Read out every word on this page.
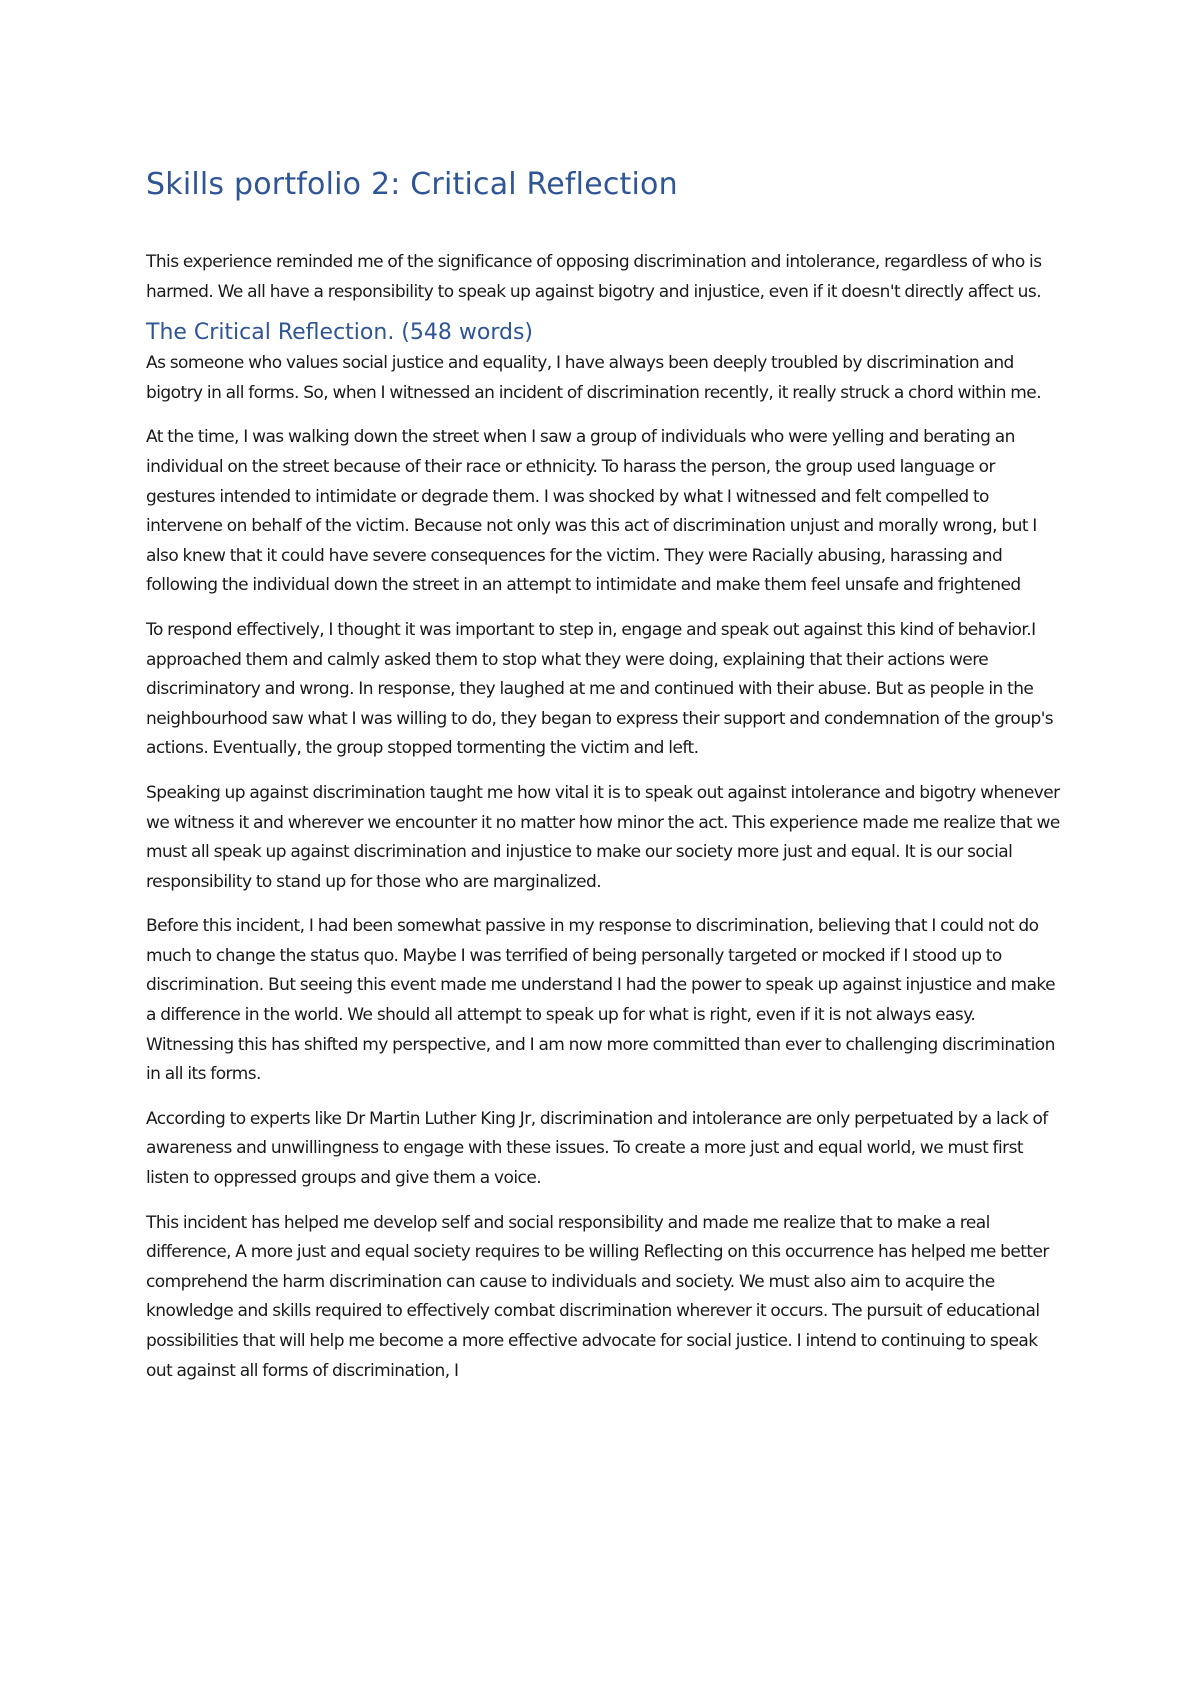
Skills portfolio 2: Critical Reflection

This experience reminded me of the significance of opposing discrimination and intolerance, regardless of who is harmed. We all have a responsibility to speak up against bigotry and injustice, even if it doesn't directly affect us.

The Critical Reflection. (548 words)

As someone who values social justice and equality, I have always been deeply troubled by discrimination and bigotry in all forms. So, when I witnessed an incident of discrimination recently, it really struck a chord within me.

At the time, I was walking down the street when I saw a group of individuals who were yelling and berating an individual on the street because of their race or ethnicity. To harass the person, the group used language or gestures intended to intimidate or degrade them. I was shocked by what I witnessed and felt compelled to intervene on behalf of the victim. Because not only was this act of discrimination unjust and morally wrong, but I also knew that it could have severe consequences for the victim. They were Racially abusing, harassing and following the individual down the street in an attempt to intimidate and make them feel unsafe and frightened

To respond effectively, I thought it was important to step in, engage and speak out against this kind of behavior.I approached them and calmly asked them to stop what they were doing, explaining that their actions were discriminatory and wrong. In response, they laughed at me and continued with their abuse. But as people in the neighbourhood saw what I was willing to do, they began to express their support and condemnation of the group's actions. Eventually, the group stopped tormenting the victim and left.

Speaking up against discrimination taught me how vital it is to speak out against intolerance and bigotry whenever we witness it and wherever we encounter it no matter how minor the act. This experience made me realize that we must all speak up against discrimination and injustice to make our society more just and equal. It is our social responsibility to stand up for those who are marginalized.

Before this incident, I had been somewhat passive in my response to discrimination, believing that I could not do much to change the status quo. Maybe I was terrified of being personally targeted or mocked if I stood up to discrimination. But seeing this event made me understand I had the power to speak up against injustice and make a difference in the world. We should all attempt to speak up for what is right, even if it is not always easy. Witnessing this has shifted my perspective, and I am now more committed than ever to challenging discrimination in all its forms.

According to experts like Dr Martin Luther King Jr, discrimination and intolerance are only perpetuated by a lack of awareness and unwillingness to engage with these issues. To create a more just and equal world, we must first listen to oppressed groups and give them a voice.

This incident has helped me develop self and social responsibility and made me realize that to make a real difference, A more just and equal society requires to be willing Reflecting on this occurrence has helped me better comprehend the harm discrimination can cause to individuals and society. We must also aim to acquire the knowledge and skills required to effectively combat discrimination wherever it occurs. The pursuit of educational possibilities that will help me become a more effective advocate for social justice. I intend to continuing to speak out against all forms of discrimination, I
